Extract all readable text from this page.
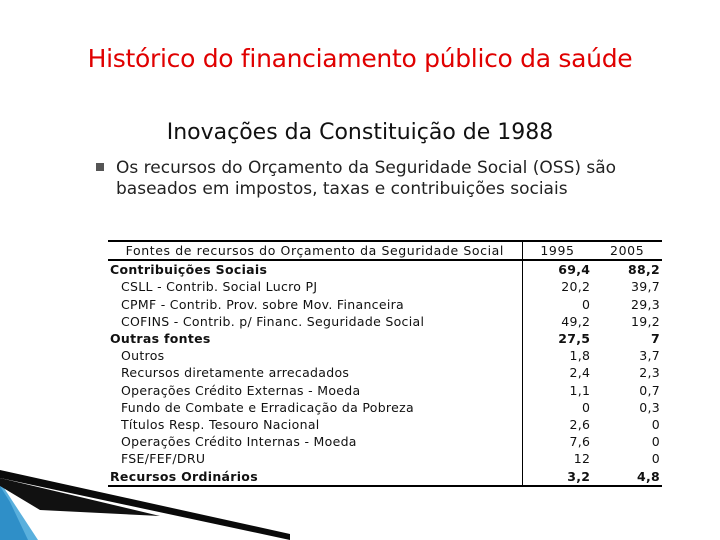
Histórico do financiamento público da saúde
Inovações da Constituição de 1988
Os recursos do Orçamento da Seguridade Social (OSS) são baseados em impostos, taxas e contribuições sociais
Fontes de recursos do Orçamento da Seguridade Social	1995	2005
Contribuições Sociais	69,4	88,2
CSLL - Contrib. Social Lucro PJ	20,2	39,7
CPMF - Contrib. Prov. sobre Mov. Financeira	0	29,3
COFINS - Contrib. p/ Financ. Seguridade Social	49,2	19,2
Outras fontes	27,5	7
Outros	1,8	3,7
Recursos diretamente arrecadados	2,4	2,3
Operações Crédito Externas - Moeda	1,1	0,7
Fundo de Combate e Erradicação da Pobreza	0	0,3
Títulos Resp. Tesouro Nacional	2,6	0
Operações Crédito Internas - Moeda	7,6	0
FSE/FEF/DRU	12	0
Recursos Ordinários	3,2	4,8
